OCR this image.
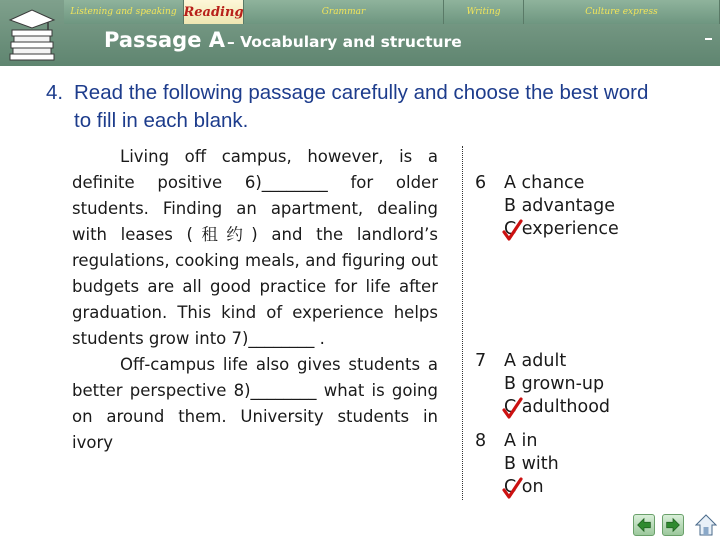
Listening and speaking Reading	Grammar	Writing	Culture express
Passage A – Vocabulary and structure
4. Read the following passage carefully and choose the best word to fill in each blank.

Living off campus, however, is a definite positive 6)________ for older students. Finding an apartment, dealing with leases (租约) and the landlord’s regulations, cooking meals, and figuring out budgets are all good practice for life after graduation. This kind of experience helps students grow into 7)________ .

Off-campus life also gives students a better perspective 8)________ what is going on around them. University students in ivory

6 A chance
B advantage
C experience
7 A adult
B grown-up
C adulthood
8 A in
B with
C on
